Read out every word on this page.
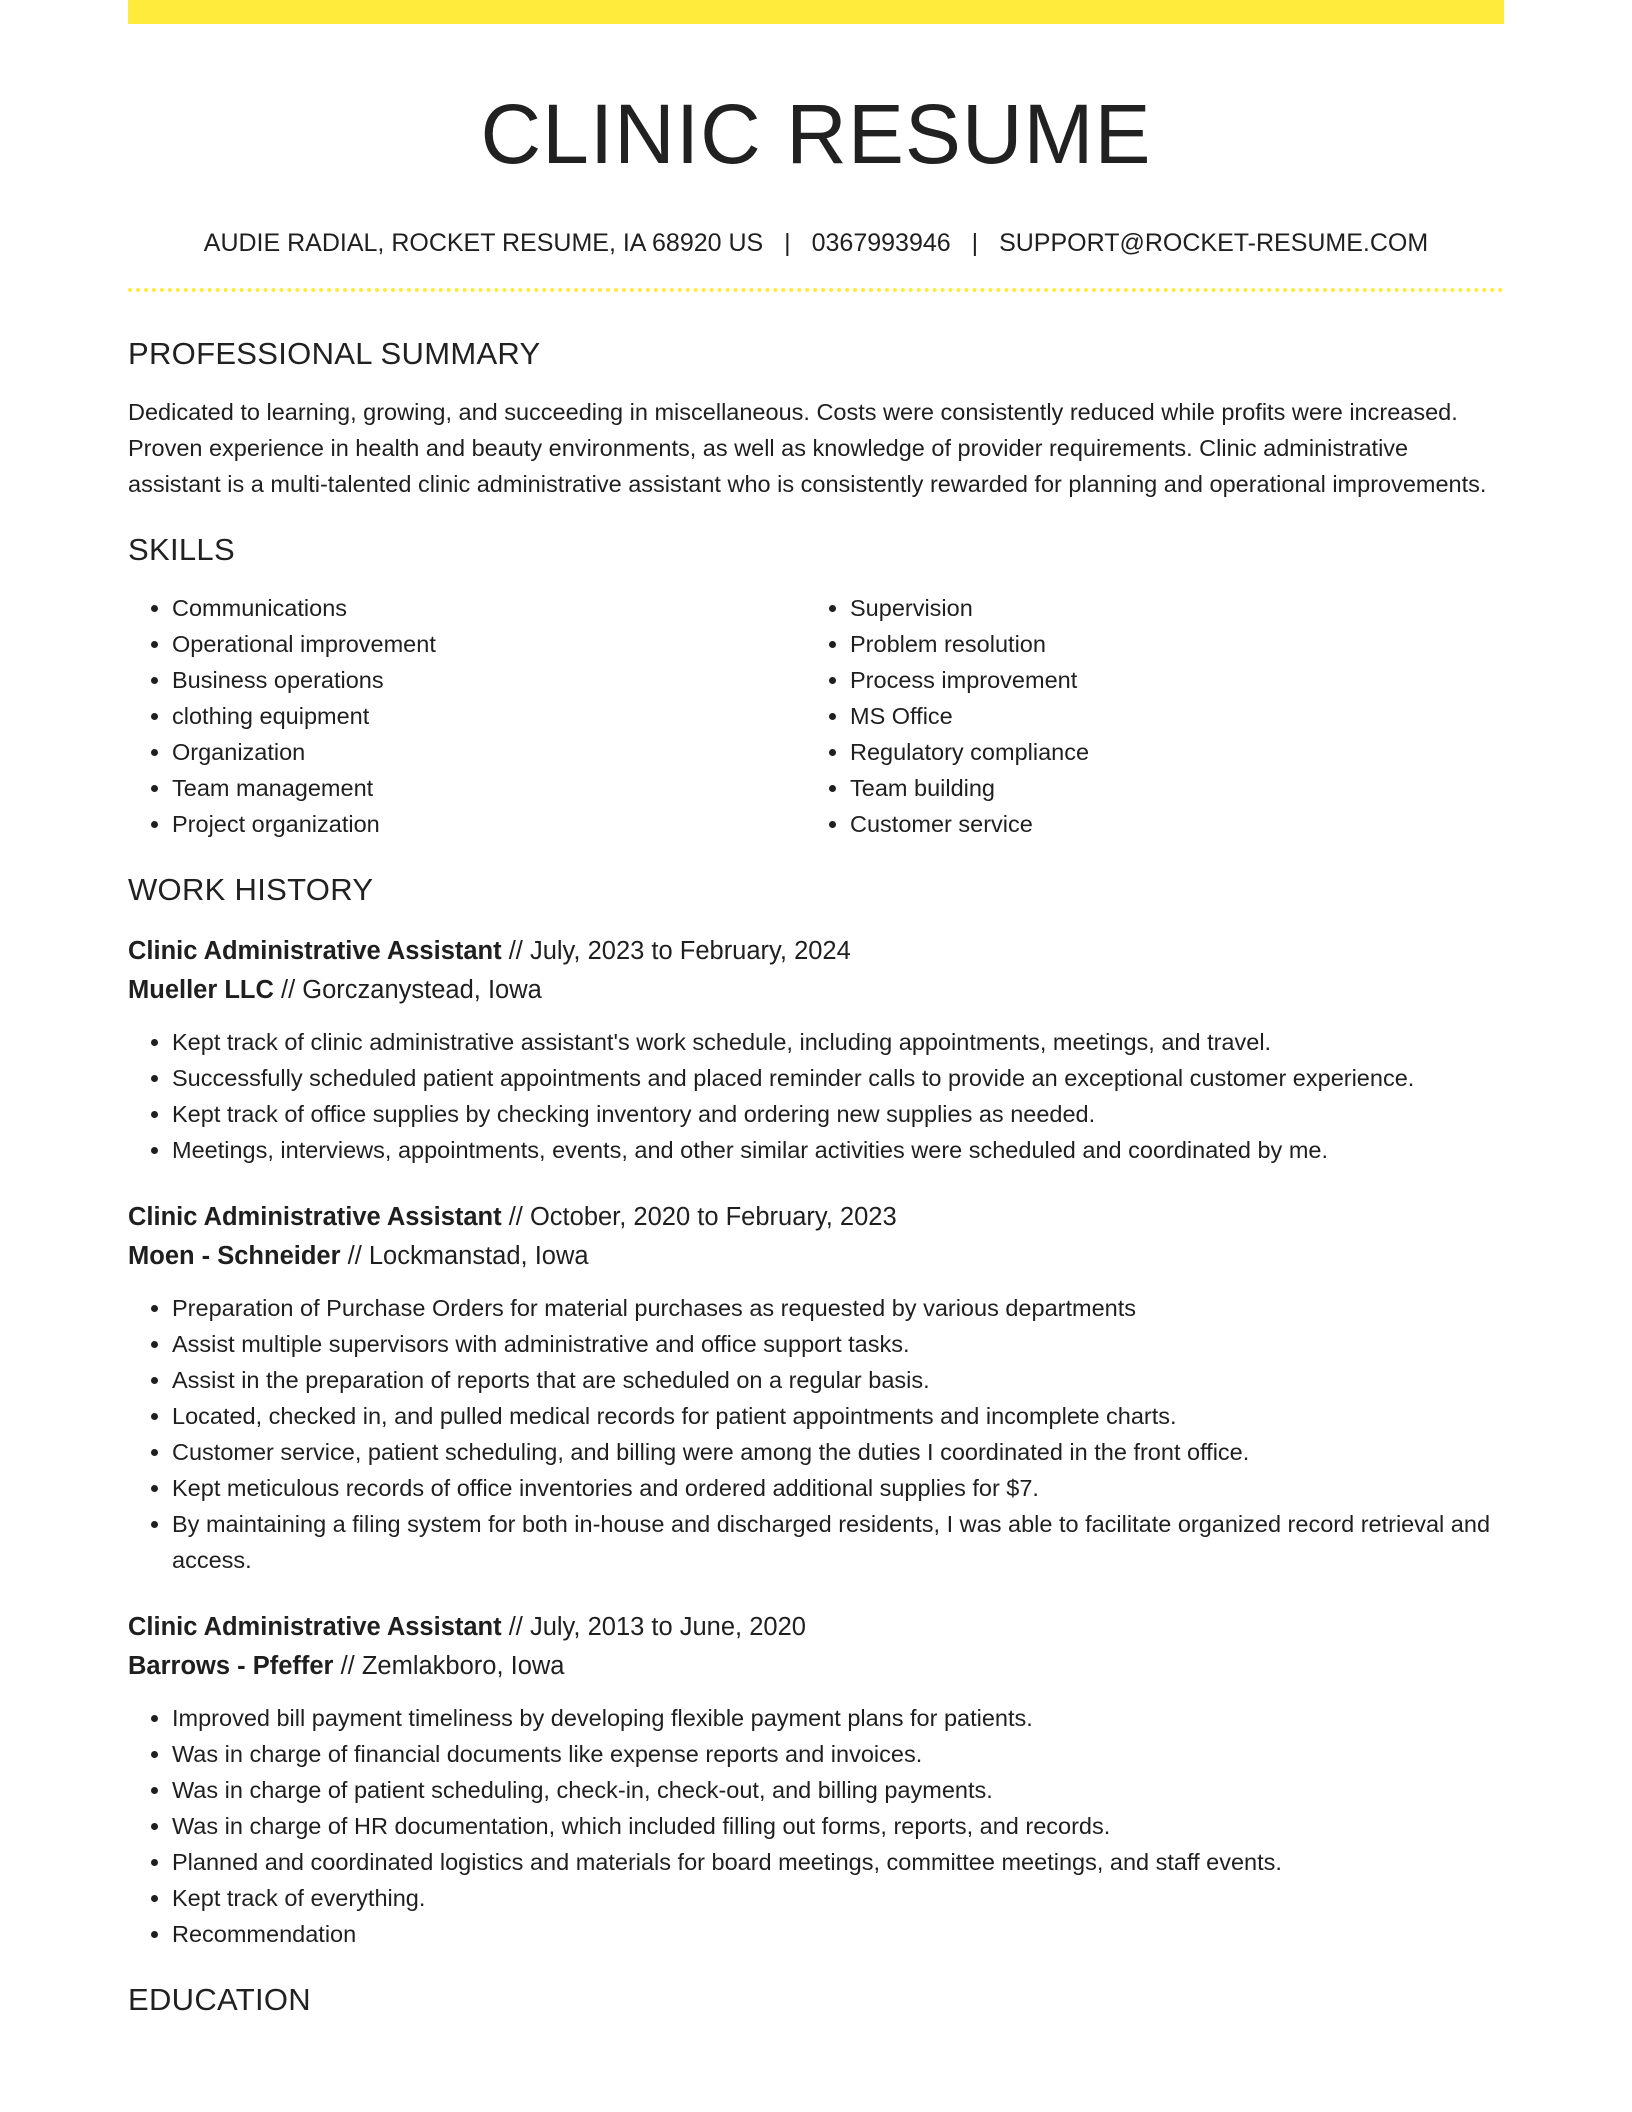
CLINIC RESUME
AUDIE RADIAL, ROCKET RESUME, IA 68920 US | 0367993946 | SUPPORT@ROCKET-RESUME.COM
PROFESSIONAL SUMMARY
Dedicated to learning, growing, and succeeding in miscellaneous. Costs were consistently reduced while profits were increased. Proven experience in health and beauty environments, as well as knowledge of provider requirements. Clinic administrative assistant is a multi-talented clinic administrative assistant who is consistently rewarded for planning and operational improvements.
SKILLS
• Communications
• Operational improvement
• Business operations
• clothing equipment
• Organization
• Team management
• Project organization
• Supervision
• Problem resolution
• Process improvement
• MS Office
• Regulatory compliance
• Team building
• Customer service
WORK HISTORY
Clinic Administrative Assistant // July, 2023 to February, 2024
Mueller LLC // Gorczanystead, Iowa
• Kept track of clinic administrative assistant's work schedule, including appointments, meetings, and travel.
• Successfully scheduled patient appointments and placed reminder calls to provide an exceptional customer experience.
• Kept track of office supplies by checking inventory and ordering new supplies as needed.
• Meetings, interviews, appointments, events, and other similar activities were scheduled and coordinated by me.
Clinic Administrative Assistant // October, 2020 to February, 2023
Moen - Schneider // Lockmanstad, Iowa
• Preparation of Purchase Orders for material purchases as requested by various departments
• Assist multiple supervisors with administrative and office support tasks.
• Assist in the preparation of reports that are scheduled on a regular basis.
• Located, checked in, and pulled medical records for patient appointments and incomplete charts.
• Customer service, patient scheduling, and billing were among the duties I coordinated in the front office.
• Kept meticulous records of office inventories and ordered additional supplies for $7.
• By maintaining a filing system for both in-house and discharged residents, I was able to facilitate organized record retrieval and access.
Clinic Administrative Assistant // July, 2013 to June, 2020
Barrows - Pfeffer // Zemlakboro, Iowa
• Improved bill payment timeliness by developing flexible payment plans for patients.
• Was in charge of financial documents like expense reports and invoices.
• Was in charge of patient scheduling, check-in, check-out, and billing payments.
• Was in charge of HR documentation, which included filling out forms, reports, and records.
• Planned and coordinated logistics and materials for board meetings, committee meetings, and staff events.
• Kept track of everything.
• Recommendation
EDUCATION
